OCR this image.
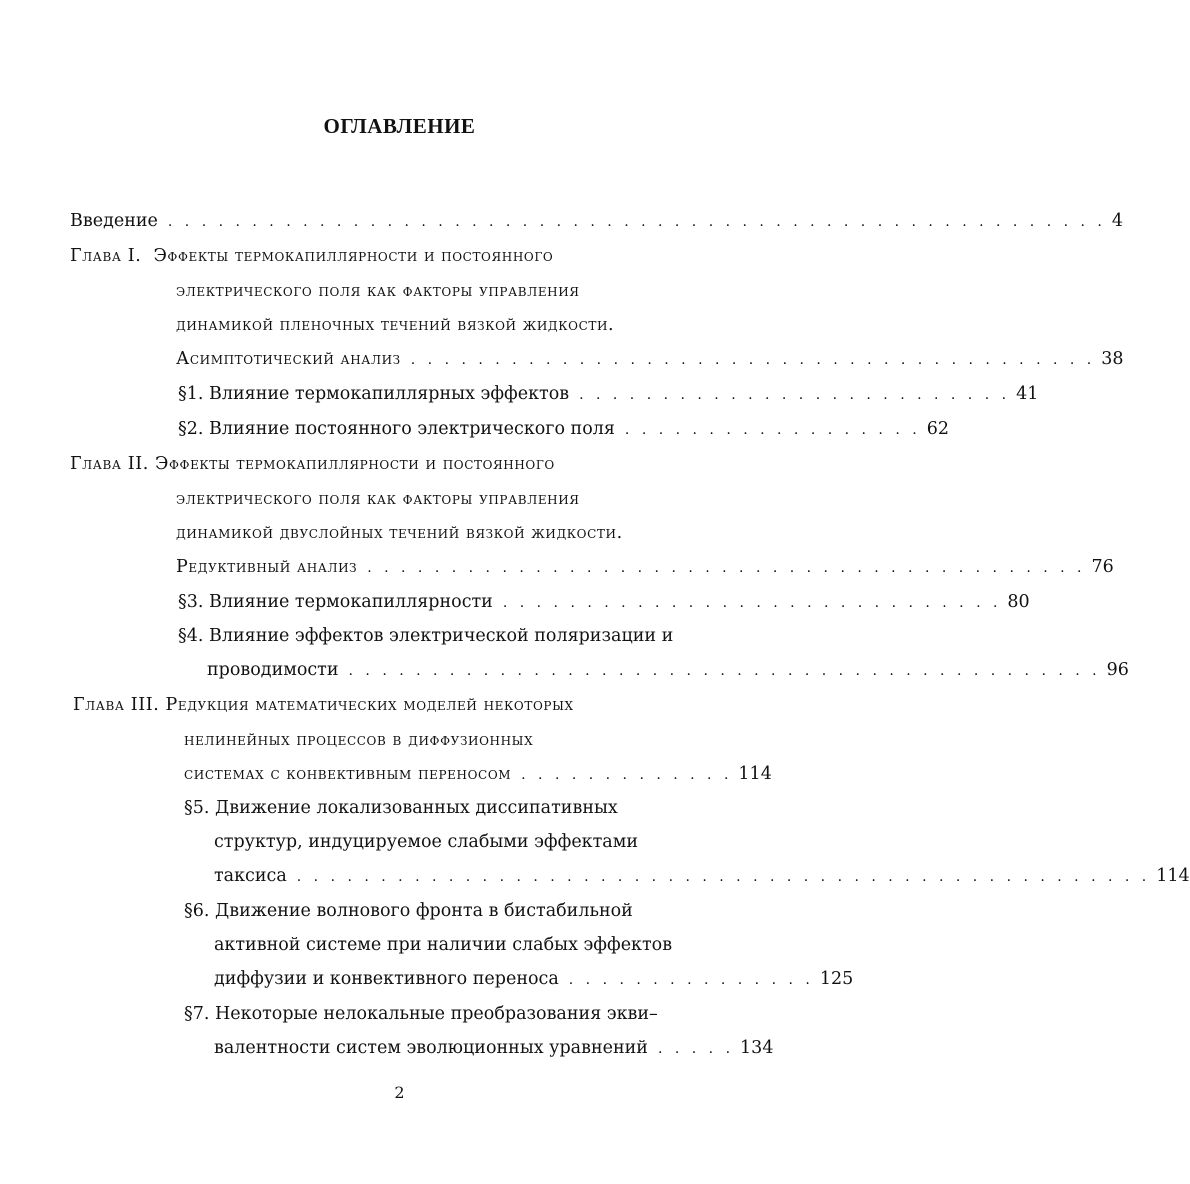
ОГЛАВЛЕНИЕ
Введение . . . . . . . . . . . . . . . . . . . . . . . . . . . . . . . . . . . . . . . . . . . . . . . . . . . . . . . . 4
Глава I. Эффекты термокапиллярности и постоянного
электрического поля как факторы управления
динамикой пленочных течений вязкой жидкости.
Асимптотический анализ . . . . . . . . . . . . . . . . . . . . . . . . . . . . . . . . . . . . . . . . . 38
§1. Влияние термокапиллярных эффектов . . . . . . . . . . . . . . . . . . . . . . . . . . 41
§2. Влияние постоянного электрического поля . . . . . . . . . . . . . . . . . . 62
Глава II. Эффекты термокапиллярности и постоянного
электрического поля как факторы управления
динамикой двуслойных течений вязкой жидкости.
Редуктивный анализ . . . . . . . . . . . . . . . . . . . . . . . . . . . . . . . . . . . . . . . . . . . 76
§3. Влияние термокапиллярности . . . . . . . . . . . . . . . . . . . . . . . . . . . . . . 80
§4. Влияние эффектов электрической поляризации и
проводимости . . . . . . . . . . . . . . . . . . . . . . . . . . . . . . . . . . . . . . . . . . . . . 96
Глава III. Редукция математических моделей некоторых
нелинейных процессов в диффузионных
системах с конвективным переносом . . . . . . . . . . . . . 114
§5. Движение локализованных диссипативных
структур, индуцируемое слабыми эффектами
таксиса . . . . . . . . . . . . . . . . . . . . . . . . . . . . . . . . . . . . . . . . . . . . . . . . . . . 114
§6. Движение волнового фронта в бистабильной
активной системе при наличии слабых эффектов
диффузии и конвективного переноса . . . . . . . . . . . . . . . 125
§7. Некоторые нелокальные преобразования экви–
валентности систем эволюционных уравнений . . . . . 134
2
